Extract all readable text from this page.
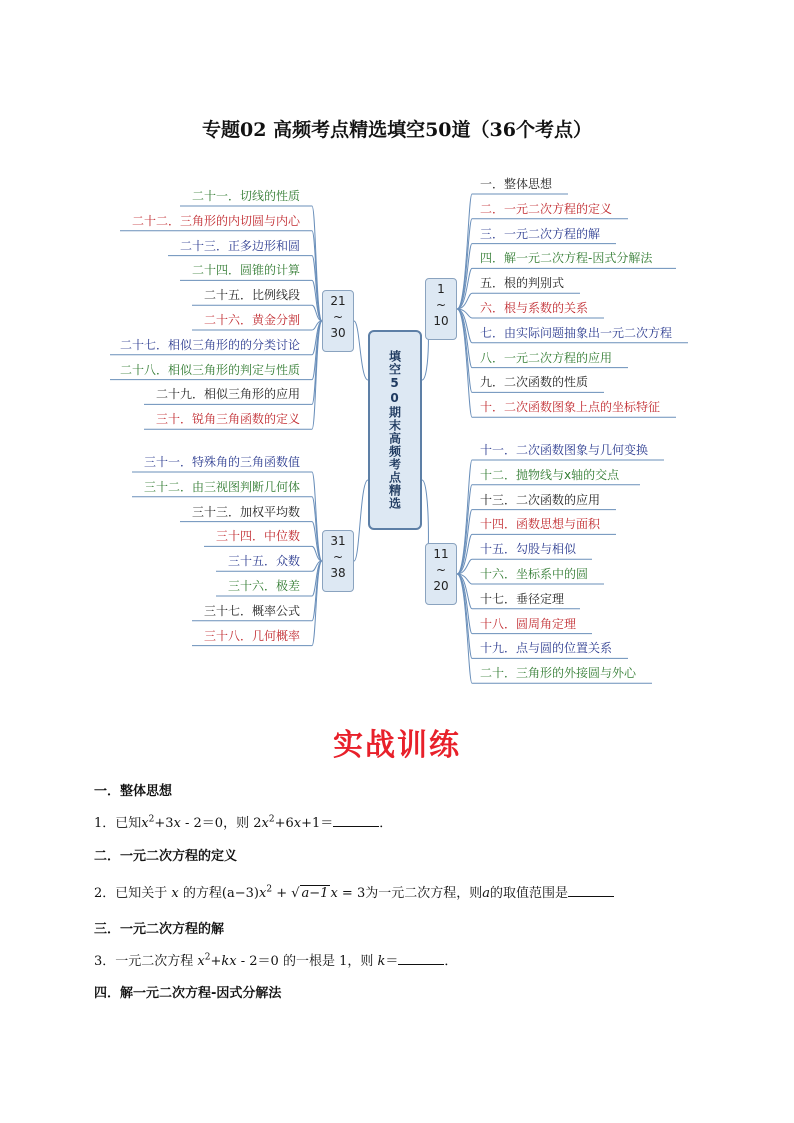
专题02 高频考点精选填空50道（36个考点）
填空50期末高频考点精选
1
~
10
11
~
20
21
~
30
31
~
38
一．整体思想
二．一元二次方程的定义
三．一元二次方程的解
四．解一元二次方程-因式分解法
五．根的判别式
六．根与系数的关系
七．由实际问题抽象出一元二次方程
八．一元二次方程的应用
九．二次函数的性质
十．二次函数图象上点的坐标特征
十一．二次函数图象与几何变换
十二．抛物线与x轴的交点
十三．二次函数的应用
十四．函数思想与面积
十五．勾股与相似
十六．坐标系中的圆
十七．垂径定理
十八．圆周角定理
十九．点与圆的位置关系
二十．三角形的外接圆与外心
二十一．切线的性质
二十二．三角形的内切圆与内心
二十三．正多边形和圆
二十四．圆锥的计算
二十五．比例线段
二十六．黄金分割
二十七．相似三角形的的分类讨论
二十八．相似三角形的判定与性质
二十九．相似三角形的应用
三十．锐角三角函数的定义
三十一．特殊角的三角函数值
三十二．由三视图判断几何体
三十三．加权平均数
三十四．中位数
三十五．众数
三十六．极差
三十七．概率公式
三十八．几何概率
实战训练
一．整体思想
1．已知$x^2+3x - 2=0$，则 $2x^2+6x+1=$	．
二．一元二次方程的定义
2．已知关于 x 的方程$(a-3)x^2$ + √ a−1 x = 3为一元二次方程，则a的取值范围是
三．一元二次方程的解
3．一元二次方程 $x^2+kx - 2=0$ 的一根是 1，则 k＝	．
四．解一元二次方程-因式分解法
